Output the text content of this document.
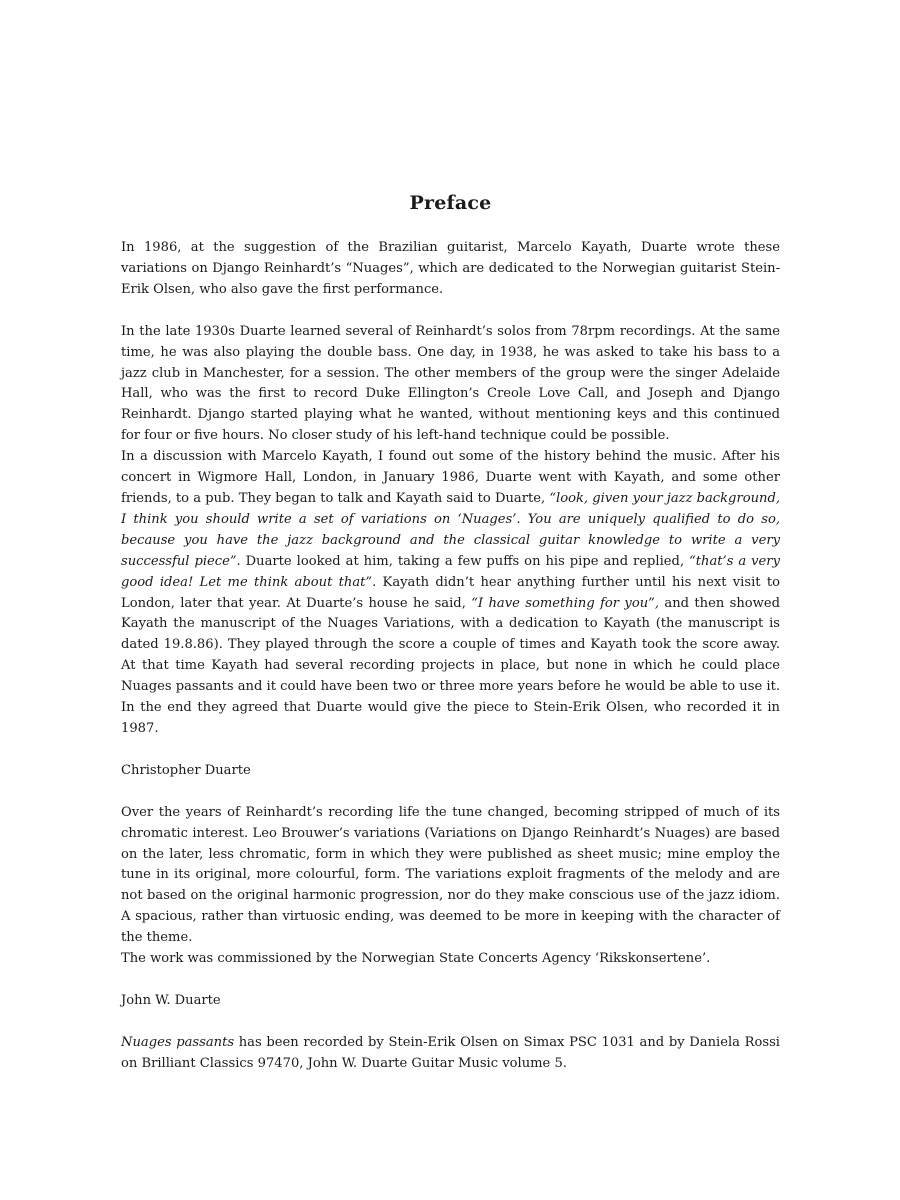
Preface

In 1986, at the suggestion of the Brazilian guitarist, Marcelo Kayath, Duarte wrote these variations on Django Reinhardt’s “Nuages”, which are dedicated to the Norwegian guitarist Stein-Erik Olsen, who also gave the first performance.

In the late 1930s Duarte learned several of Reinhardt’s solos from 78rpm recordings. At the same time, he was also playing the double bass. One day, in 1938, he was asked to take his bass to a jazz club in Manchester, for a session. The other members of the group were the singer Adelaide Hall, who was the first to record Duke Ellington’s Creole Love Call, and Joseph and Django Reinhardt. Django started playing what he wanted, without mentioning keys and this continued for four or five hours. No closer study of his left-hand technique could be possible.

In a discussion with Marcelo Kayath, I found out some of the history behind the music. After his concert in Wigmore Hall, London, in January 1986, Duarte went with Kayath, and some other friends, to a pub. They began to talk and Kayath said to Duarte, “look, given your jazz background, I think you should write a set of variations on ‘Nuages’. You are uniquely qualified to do so, because you have the jazz background and the classical guitar knowledge to write a very successful piece”. Duarte looked at him, taking a few puffs on his pipe and replied, “that’s a very good idea! Let me think about that”. Kayath didn’t hear anything further until his next visit to London, later that year. At Duarte’s house he said, “I have something for you”, and then showed Kayath the manuscript of the Nuages Variations, with a dedication to Kayath (the manuscript is dated 19.8.86). They played through the score a couple of times and Kayath took the score away. At that time Kayath had several recording projects in place, but none in which he could place Nuages passants and it could have been two or three more years before he would be able to use it. In the end they agreed that Duarte would give the piece to Stein-Erik Olsen, who recorded it in 1987.

Christopher Duarte

Over the years of Reinhardt’s recording life the tune changed, becoming stripped of much of its chromatic interest. Leo Brouwer’s variations (Variations on Django Reinhardt’s Nuages) are based on the later, less chromatic, form in which they were published as sheet music; mine employ the tune in its original, more colourful, form. The variations exploit fragments of the melody and are not based on the original harmonic progression, nor do they make conscious use of the jazz idiom. A spacious, rather than virtuosic ending, was deemed to be more in keeping with the character of the theme.

The work was commissioned by the Norwegian State Concerts Agency ‘Rikskonsertene’.

John W. Duarte

Nuages passants has been recorded by Stein-Erik Olsen on Simax PSC 1031 and by Daniela Rossi on Brilliant Classics 97470, John W. Duarte Guitar Music volume 5.
